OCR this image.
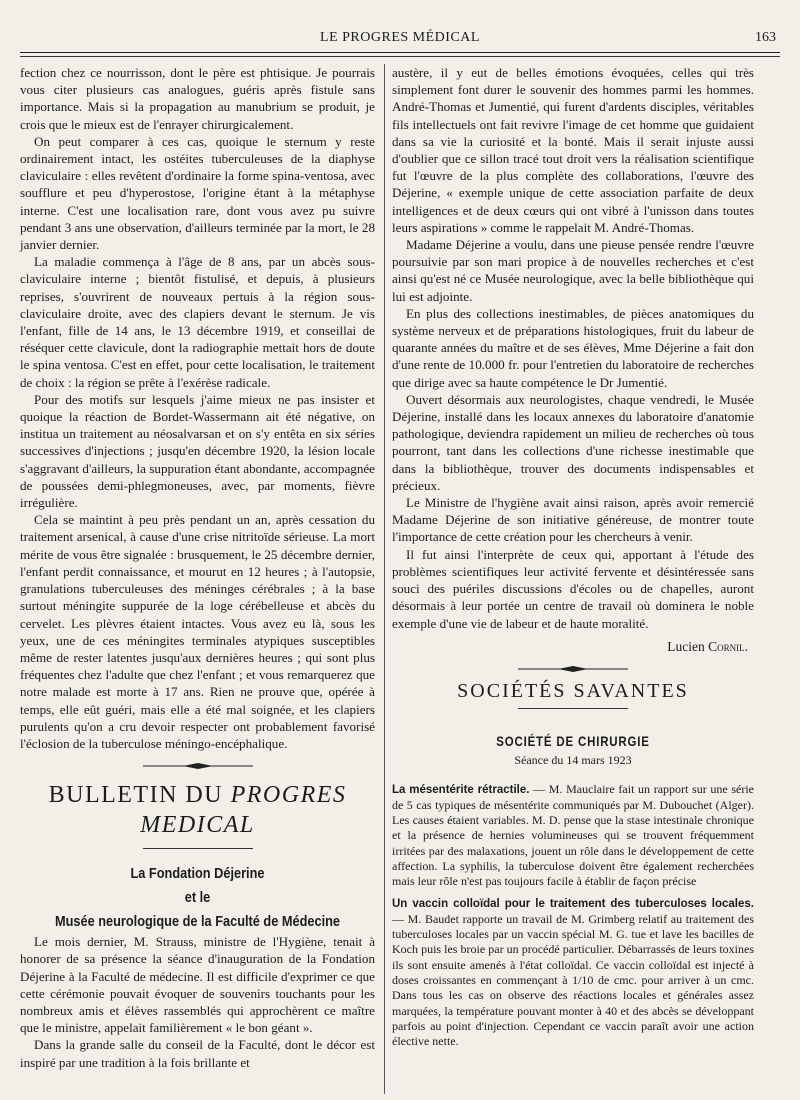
LE PROGRES MÉDICAL	163

fection chez ce nourrisson, dont le père est phtisique. Je pourrais vous citer plusieurs cas analogues, guéris après fistule sans importance. Mais si la propagation au manubrium se produit, je crois que le mieux est de l'enrayer chirurgicalement.

On peut comparer à ces cas, quoique le sternum y reste ordinairement intact, les ostéites tuberculeuses de la diaphyse claviculaire : elles revêtent d'ordinaire la forme spina-ventosa, avec soufflure et peu d'hyperostose, l'origine étant à la métaphyse interne. C'est une localisation rare, dont vous avez pu suivre pendant 3 ans une observation, d'ailleurs terminée par la mort, le 28 janvier dernier.

La maladie commença à l'âge de 8 ans, par un abcès sous-claviculaire interne ; bientôt fistulisé, et depuis, à plusieurs reprises, s'ouvrirent de nouveaux pertuis à la région sous-claviculaire droite, avec des clapiers devant le sternum. Je vis l'enfant, fille de 14 ans, le 13 décembre 1919, et conseillai de réséquer cette clavicule, dont la radiographie mettait hors de doute le spina ventosa. C'est en effet, pour cette localisation, le traitement de choix : la région se prête à l'exérèse radicale.

Pour des motifs sur lesquels j'aime mieux ne pas insister et quoique la réaction de Bordet-Wassermann ait été négative, on institua un traitement au néosalvarsan et on s'y entêta en six séries successives d'injections ; jusqu'en décembre 1920, la lésion locale s'aggravant d'ailleurs, la suppuration étant abondante, accompagnée de poussées demi-phlegmoneuses, avec, par moments, fièvre irrégulière.

Cela se maintint à peu près pendant un an, après cessation du traitement arsenical, à cause d'une crise nitritoïde sérieuse. La mort mérite de vous être signalée : brusquement, le 25 décembre dernier, l'enfant perdit connaissance, et mourut en 12 heures ; à l'autopsie, granulations tuberculeuses des méninges cérébrales ; à la base surtout méningite suppurée de la loge cérébelleuse et abcès du cervelet. Les plèvres étaient intactes. Vous avez eu là, sous les yeux, une de ces méningites terminales atypiques susceptibles même de rester latentes jusqu'aux dernières heures ; qui sont plus fréquentes chez l'adulte que chez l'enfant ; et vous remarquerez que notre malade est morte à 17 ans. Rien ne prouve que, opérée à temps, elle eût guéri, mais elle a été mal soignée, et les clapiers purulents qu'on a cru devoir respecter ont probablement favorisé l'éclosion de la tuberculose méningo-encéphalique.

BULLETIN DU PROGRES MEDICAL
La Fondation Déjerine
et le
Musée neurologique de la Faculté de Médecine

Le mois dernier, M. Strauss, ministre de l'Hygiène, tenait à honorer de sa présence la séance d'inauguration de la Fondation Déjerine à la Faculté de médecine. Il est difficile d'exprimer ce que cette cérémonie pouvait évoquer de souvenirs touchants pour les nombreux amis et élèves rassemblés qui approchèrent ce maître que le ministre, appelait familièrement « le bon géant ».

Dans la grande salle du conseil de la Faculté, dont le décor est inspiré par une tradition à la fois brillante et

austère, il y eut de belles émotions évoquées, celles qui très simplement font durer le souvenir des hommes parmi les hommes. André-Thomas et Jumentié, qui furent d'ardents disciples, véritables fils intellectuels ont fait revivre l'image de cet homme que guidaient dans sa vie la curiosité et la bonté. Mais il serait injuste aussi d'oublier que ce sillon tracé tout droit vers la réalisation scientifique fut l'œuvre de la plus complète des collaborations, l'œuvre des Déjerine, « exemple unique de cette association parfaite de deux intelligences et de deux cœurs qui ont vibré à l'unisson dans toutes leurs aspirations » comme le rappelait M. André-Thomas.

Madame Déjerine a voulu, dans une pieuse pensée rendre l'œuvre poursuivie par son mari propice à de nouvelles recherches et c'est ainsi qu'est né ce Musée neurologique, avec la belle bibliothèque qui lui est adjointe.

En plus des collections inestimables, de pièces anatomiques du système nerveux et de préparations histologiques, fruit du labeur de quarante années du maître et de ses élèves, Mme Déjerine a fait don d'une rente de 10.000 fr. pour l'entretien du laboratoire de recherches que dirige avec sa haute compétence le Dr Jumentié.

Ouvert désormais aux neurologistes, chaque vendredi, le Musée Déjerine, installé dans les locaux annexes du laboratoire d'anatomie pathologique, deviendra rapidement un milieu de recherches où tous pourront, tant dans les collections d'une richesse inestimable que dans la bibliothèque, trouver des documents indispensables et précieux.

Le Ministre de l'hygiène avait ainsi raison, après avoir remercié Madame Déjerine de son initiative généreuse, de montrer toute l'importance de cette création pour les chercheurs à venir.

Il fut ainsi l'interprète de ceux qui, apportant à l'étude des problèmes scientifiques leur activité fervente et désintéressée sans souci des puériles discussions d'écoles ou de chapelles, auront désormais à leur portée un centre de travail où dominera le noble exemple d'une vie de labeur et de haute moralité.

Lucien Cornil.
SOCIÉTÉS SAVANTES
SOCIÉTÉ DE CHIRURGIE
Séance du 14 mars 1923

La mésentérite rétractile. — M. Mauclaire fait un rapport sur une série de 5 cas typiques de mésentérite communiqués par M. Dubouchet (Alger). Les causes étaient variables. M. D. pense que la stase intestinale chronique et la présence de hernies volumineuses qui se trouvent fréquemment irritées par des malaxations, jouent un rôle dans le développement de cette affection. La syphilis, la tuberculose doivent être également recherchées mais leur rôle n'est pas toujours facile à établir de façon précise

Un vaccin colloïdal pour le traitement des tuberculoses locales. — M. Baudet rapporte un travail de M. Grimberg relatif au traitement des tuberculoses locales par un vaccin spécial M. G. tue et lave les bacilles de Koch puis les broie par un procédé particulier. Débarrassés de leurs toxines ils sont ensuite amenés à l'état colloïdal. Ce vaccin colloïdal est injecté à doses croissantes en commençant à 1/10 de cmc. pour arriver à un cmc. Dans tous les cas on observe des réactions locales et générales assez marquées, la température pouvant monter à 40 et des abcès se développant parfois au point d'injection. Cependant ce vaccin paraît avoir une action élective nette.
